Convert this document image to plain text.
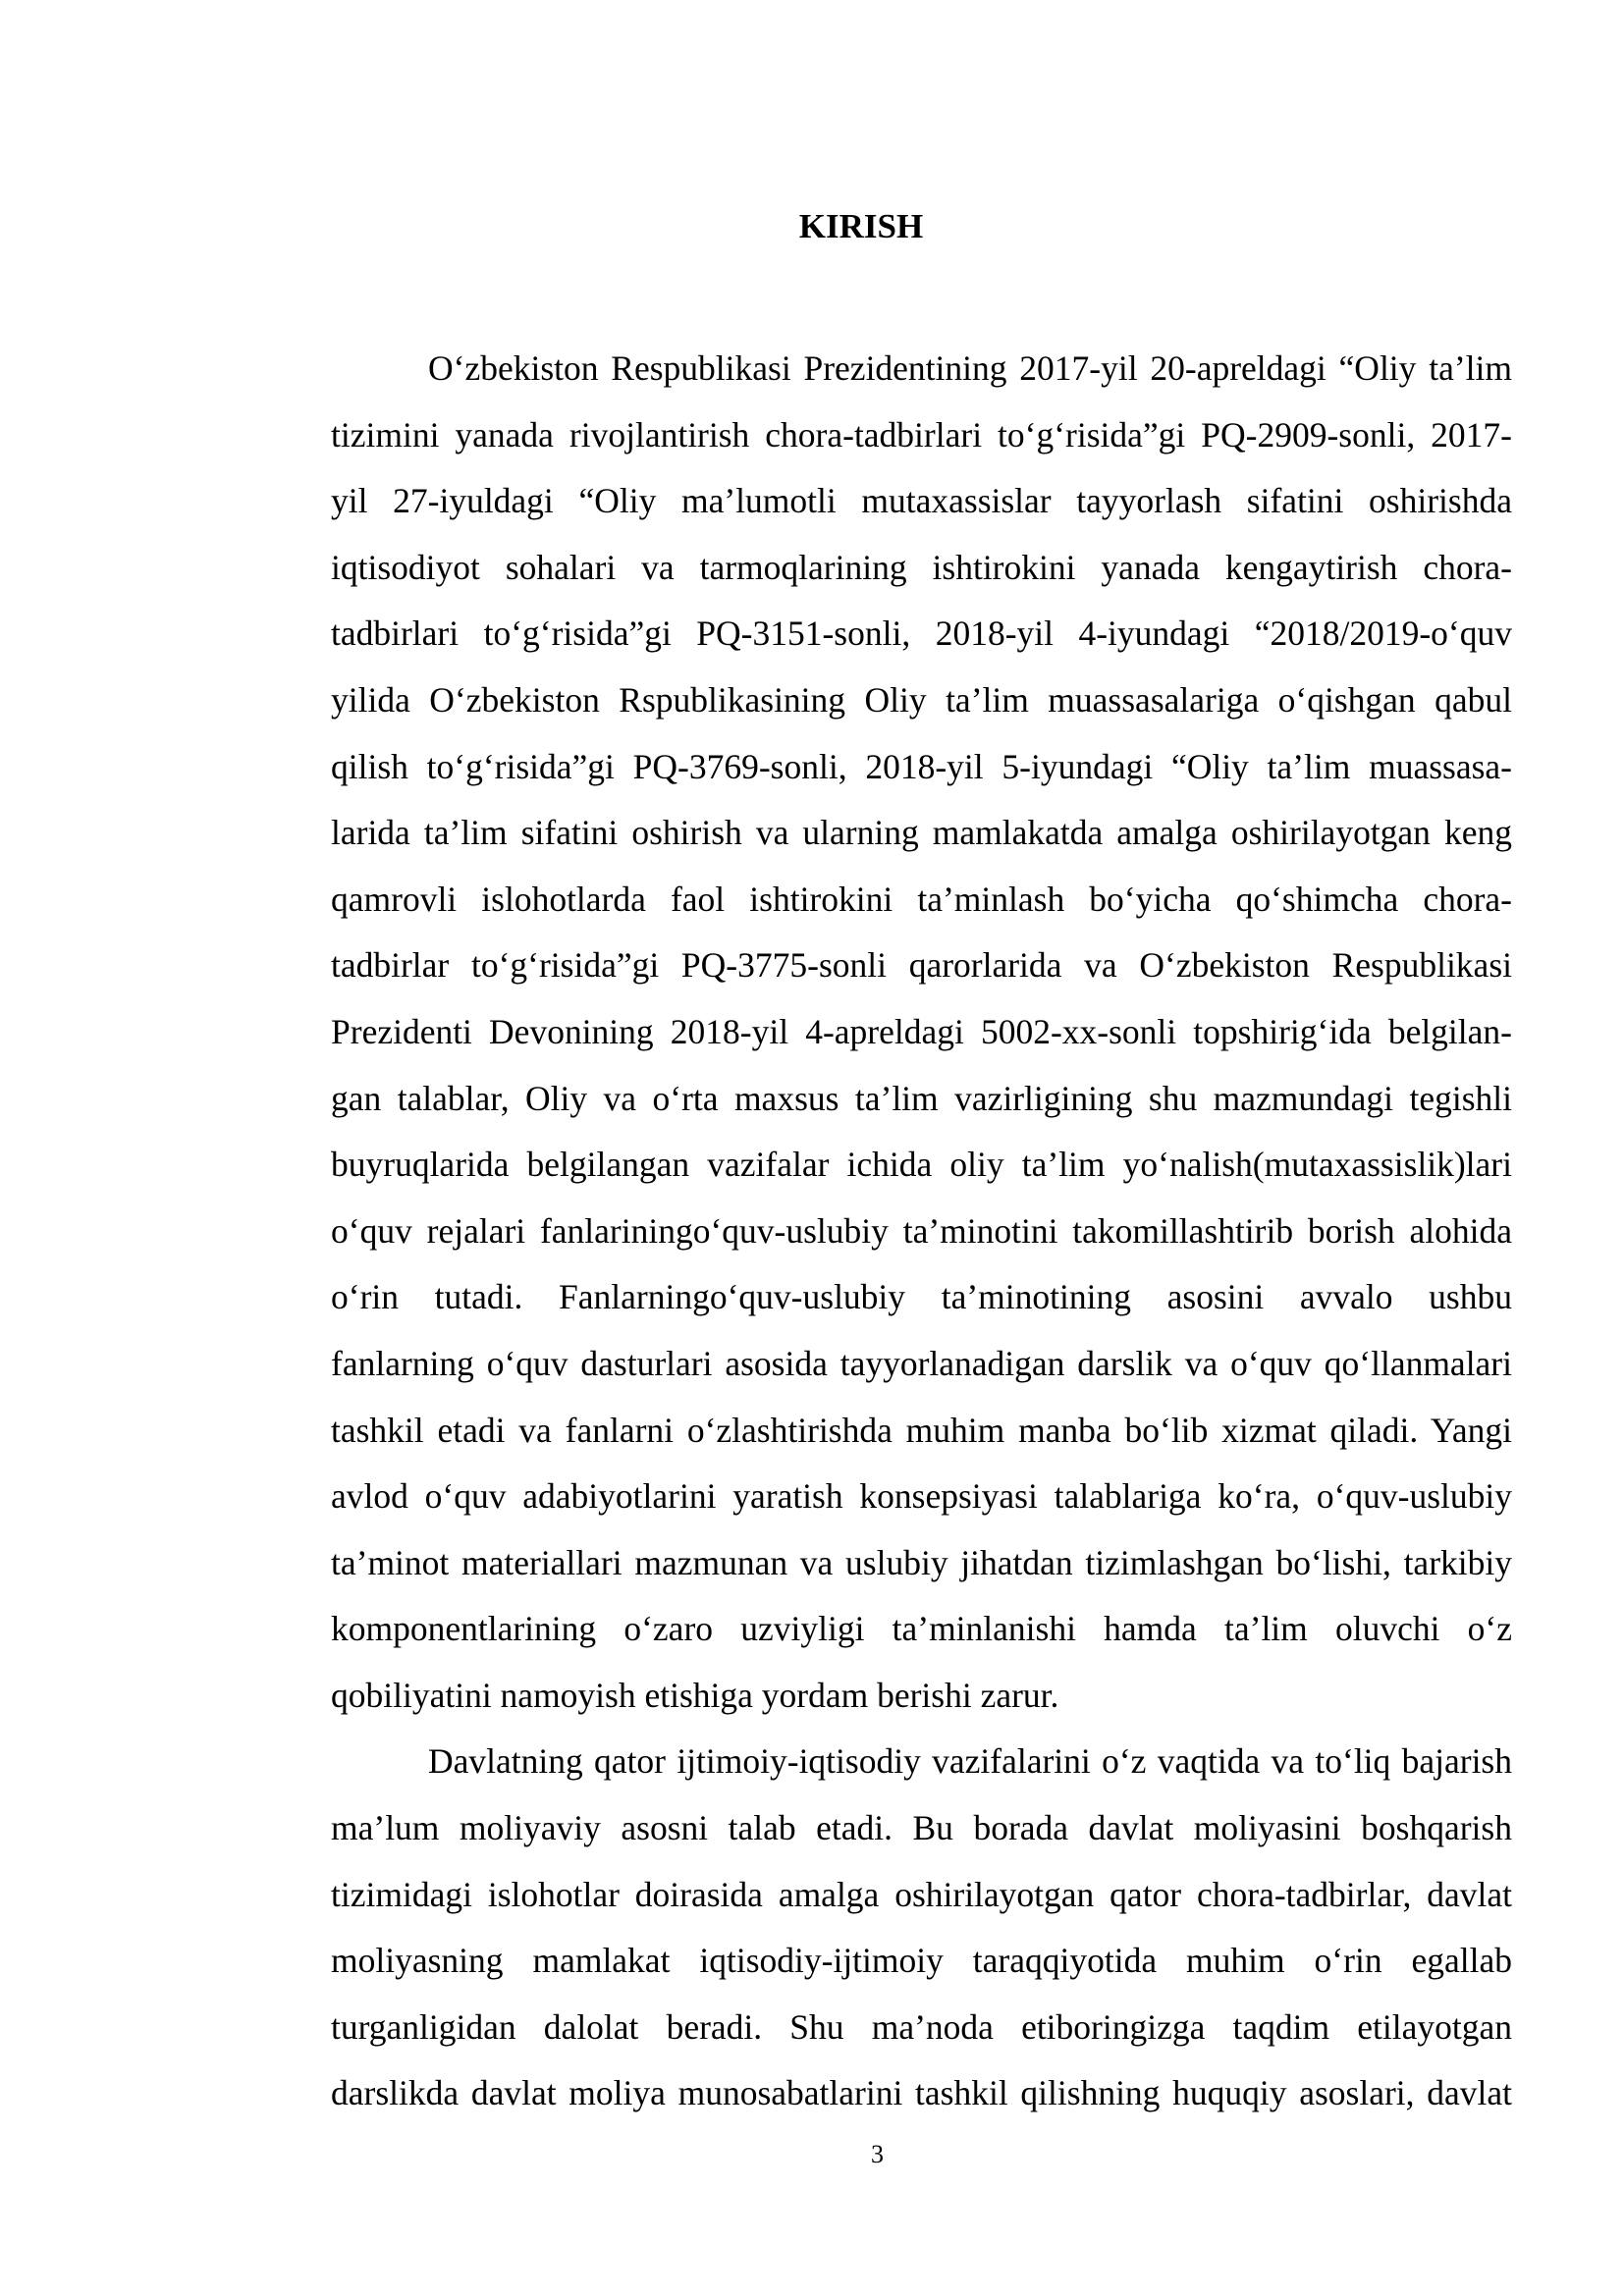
KIRISH
O‘zbekiston Respublikasi Prezidentining 2017-yil 20-apreldagi “Oliy ta’lim
tizimini yanada rivojlantirish chora-tadbirlari to‘g‘risida”gi PQ-2909-sonli, 2017-
yil 27-iyuldagi “Oliy ma’lumotli mutaxassislar tayyorlash sifatini oshirishda
iqtisodiyot sohalari va tarmoqlarining ishtirokini yanada kengaytirish chora-
tadbirlari to‘g‘risida”gi PQ-3151-sonli, 2018-yil 4-iyundagi “2018/2019-o‘quv
yilida O‘zbekiston Rspublikasining Oliy ta’lim muassasalariga o‘qishgan qabul
qilish to‘g‘risida”gi PQ-3769-sonli, 2018-yil 5-iyundagi “Oliy ta’lim muassasa-
larida ta’lim sifatini oshirish va ularning mamlakatda amalga oshirilayotgan keng
qamrovli islohotlarda faol ishtirokini ta’minlash bo‘yicha qo‘shimcha chora-
tadbirlar to‘g‘risida”gi PQ-3775-sonli qarorlarida va O‘zbekiston Respublikasi
Prezidenti Devonining 2018-yil 4-apreldagi 5002-xx-sonli topshirig‘ida belgilan-
gan talablar, Oliy va o‘rta maxsus ta’lim vazirligining shu mazmundagi tegishli
buyruqlarida belgilangan vazifalar ichida oliy ta’lim yo‘nalish(mutaxassislik)lari
o‘quv rejalari fanlariningo‘quv-uslubiy ta’minotini takomillashtirib borish alohida
o‘rin tutadi. Fanlarningo‘quv-uslubiy ta’minotining asosini avvalo ushbu
fanlarning o‘quv dasturlari asosida tayyorlanadigan darslik va o‘quv qo‘llanmalari
tashkil etadi va fanlarni o‘zlashtirishda muhim manba bo‘lib xizmat qiladi. Yangi
avlod o‘quv adabiyotlarini yaratish konsepsiyasi talablariga ko‘ra, o‘quv-uslubiy
ta’minot materiallari mazmunan va uslubiy jihatdan tizimlashgan bo‘lishi, tarkibiy
komponentlarining o‘zaro uzviyligi ta’minlanishi hamda ta’lim oluvchi o‘z
qobiliyatini namoyish etishiga yordam berishi zarur.
Davlatning qator ijtimoiy-iqtisodiy vazifalarini o‘z vaqtida va to‘liq bajarish
ma’lum moliyaviy asosni talab etadi. Bu borada davlat moliyasini boshqarish
tizimidagi islohotlar doirasida amalga oshirilayotgan qator chora-tadbirlar, davlat
moliyasning mamlakat iqtisodiy-ijtimoiy taraqqiyotida muhim o‘rin egallab
turganligidan dalolat beradi. Shu ma’noda etiboringizga taqdim etilayotgan
darslikda davlat moliya munosabatlarini tashkil qilishning huquqiy asoslari, davlat
3
